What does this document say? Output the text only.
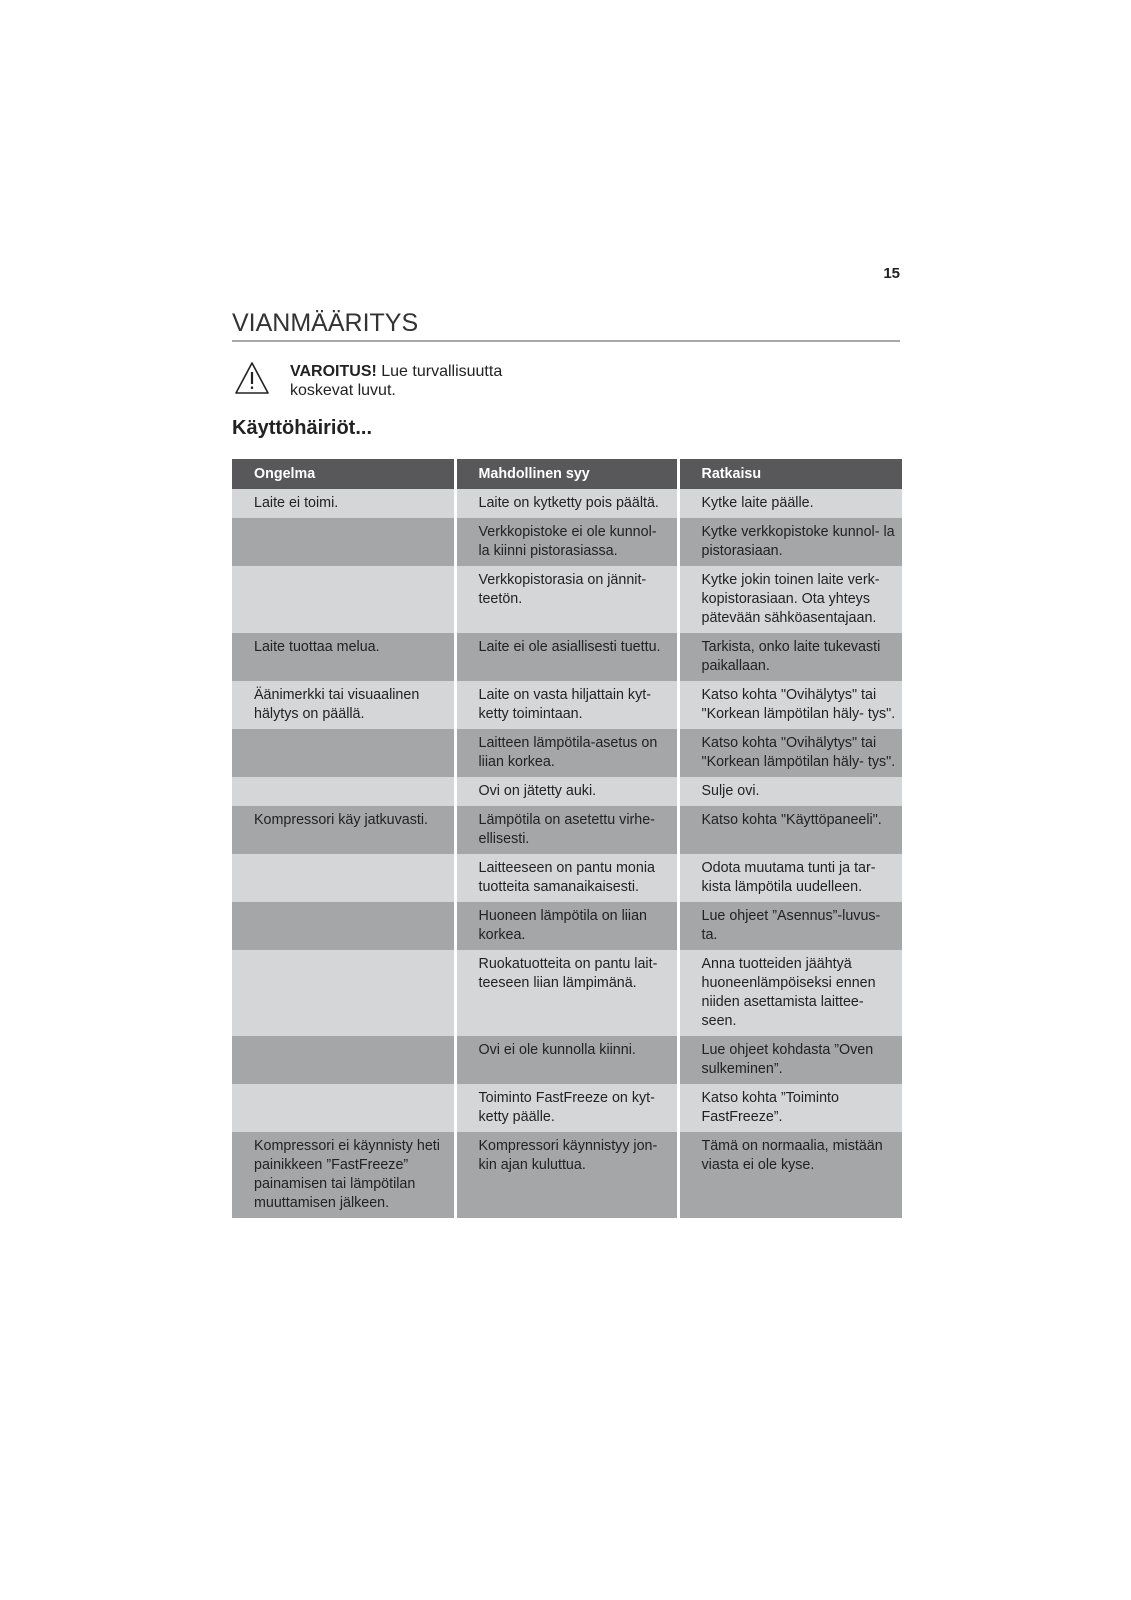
15
VIANMÄÄRITYS
VAROITUS! Lue turvallisuutta
koskevat luvut.
Käyttöhäiriöt...
Ongelma	Mahdollinen syy	Ratkaisu
Laite ei toimi.	Laite on kytketty pois päältä.	Kytke laite päälle.
	Verkkopistoke ei ole kunnol- la kiinni pistorasiassa.	Kytke verkkopistoke kunnol- la pistorasiaan.
	Verkkopistorasia on jännit- teetön.	Kytke jokin toinen laite verk- kopistorasiaan. Ota yhteys pätevään sähköasentajaan.
Laite tuottaa melua.	Laite ei ole asiallisesti tuettu.	Tarkista, onko laite tukevasti paikallaan.
Äänimerkki tai visuaalinen hälytys on päällä.	Laite on vasta hiljattain kyt- ketty toimintaan.	Katso kohta "Ovihälytys" tai "Korkean lämpötilan häly- tys".
	Laitteen lämpötila-asetus on liian korkea.	Katso kohta "Ovihälytys" tai "Korkean lämpötilan häly- tys".
	Ovi on jätetty auki.	Sulje ovi.
Kompressori käy jatkuvasti.	Lämpötila on asetettu virhe- ellisesti.	Katso kohta "Käyttöpaneeli".
	Laitteeseen on pantu monia tuotteita samanaikaisesti.	Odota muutama tunti ja tar- kista lämpötila uudelleen.
	Huoneen lämpötila on liian korkea.	Lue ohjeet ”Asennus”-luvus- ta.
	Ruokatuotteita on pantu lait- teeseen liian lämpimänä.	Anna tuotteiden jäähtyä huoneenlämpöiseksi ennen niiden asettamista laittee- seen.
	Ovi ei ole kunnolla kiinni.	Lue ohjeet kohdasta ”Oven sulkeminen”.
	Toiminto FastFreeze on kyt- ketty päälle.	Katso kohta ”Toiminto FastFreeze”.
Kompressori ei käynnisty heti painikkeen ”FastFreeze” painamisen tai lämpötilan muuttamisen jälkeen.	Kompressori käynnistyy jon- kin ajan kuluttua.	Tämä on normaalia, mistään viasta ei ole kyse.
